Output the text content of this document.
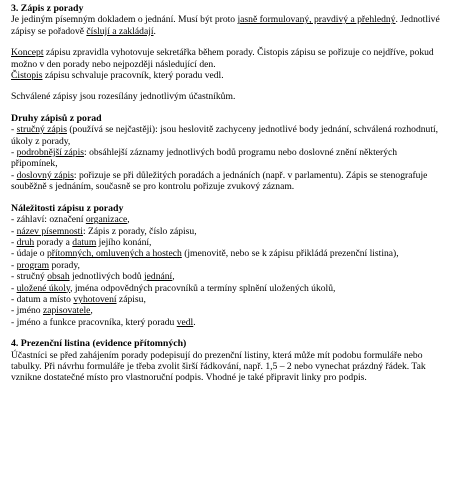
3. Zápis z porady

Je jediným písemným dokladem o jednání. Musí být proto jasně formulovaný, pravdivý a přehledný. Jednotlivé zápisy se pořadově číslují a zakládají.

Koncept zápisu zpravidla vyhotovuje sekretářka během porady. Čistopis zápisu se pořizuje co nejdříve, pokud možno v den porady nebo nejpozději následující den.

Čistopis zápisu schvaluje pracovník, který poradu vedl.

Schválené zápisy jsou rozesílány jednotlivým účastníkům.

Druhy zápisů z porad

- stručný zápis (používá se nejčastěji): jsou heslovitě zachyceny jednotlivé body jednání, schválená rozhodnutí, úkoly z porady,

- podrobnější zápis: obsáhlejší záznamy jednotlivých bodů programu nebo doslovné znění některých připomínek,

- doslovný zápis: pořizuje se při důležitých poradách a jednáních (např. v parlamentu). Zápis se stenografuje souběžně s jednáním, současně se pro kontrolu pořizuje zvukový záznam.

Náležitosti zápisu z porady

- záhlaví: označení organizace,

- název písemnosti: Zápis z porady, číslo zápisu,

- druh porady a datum jejího konání,

- údaje o přítomných, omluvených a hostech (jmenovitě, nebo se k zápisu přikládá prezenční listina),

- program porady,

- stručný obsah jednotlivých bodů jednání,

- uložené úkoly, jména odpovědných pracovníků a termíny splnění uložených úkolů,

- datum a místo vyhotovení zápisu,

- jméno zapisovatele,

- jméno a funkce pracovníka, který poradu vedl.

4. Prezenční listina (evidence přítomných)

Účastníci se před zahájením porady podepisují do prezenční listiny, která může mít podobu formuláře nebo tabulky. Při návrhu formuláře je třeba zvolit širší řádkování, např. 1,5 – 2 nebo vynechat prázdný řádek. Tak vznikne dostatečné místo pro vlastnoruční podpis. Vhodné je také připravit linky pro podpis.
